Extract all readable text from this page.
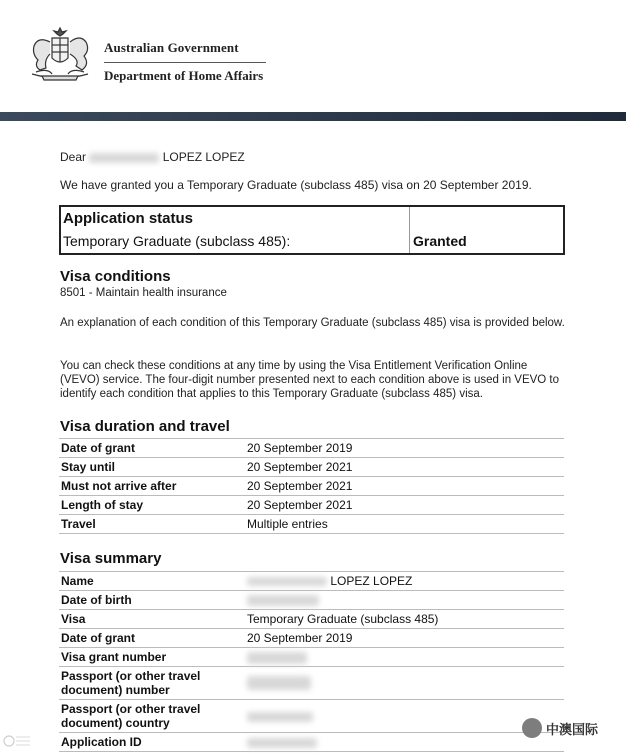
Australian Government
Department of Home Affairs
Dear	LOPEZ LOPEZ
We have granted you a Temporary Graduate (subclass 485) visa on 20 September 2019.
Application status
Temporary Graduate (subclass 485):	Granted
Visa conditions
8501 - Maintain health insurance
An explanation of each condition of this Temporary Graduate (subclass 485) visa is provided below.
You can check these conditions at any time by using the Visa Entitlement Verification Online (VEVO) service. The four-digit number presented next to each condition above is used in VEVO to identify each condition that applies to this Temporary Graduate (subclass 485) visa.
Visa duration and travel
Date of grant	20 September 2019
Stay until	20 September 2021
Must not arrive after	20 September 2021
Length of stay	20 September 2021
Travel	Multiple entries
Visa summary
Name	LOPEZ LOPEZ
Date of birth	
Visa	Temporary Graduate (subclass 485)
Date of grant	20 September 2019
Visa grant number	
Passport (or other travel document) number	
Passport (or other travel document) country	
Application ID	
中澳国际
